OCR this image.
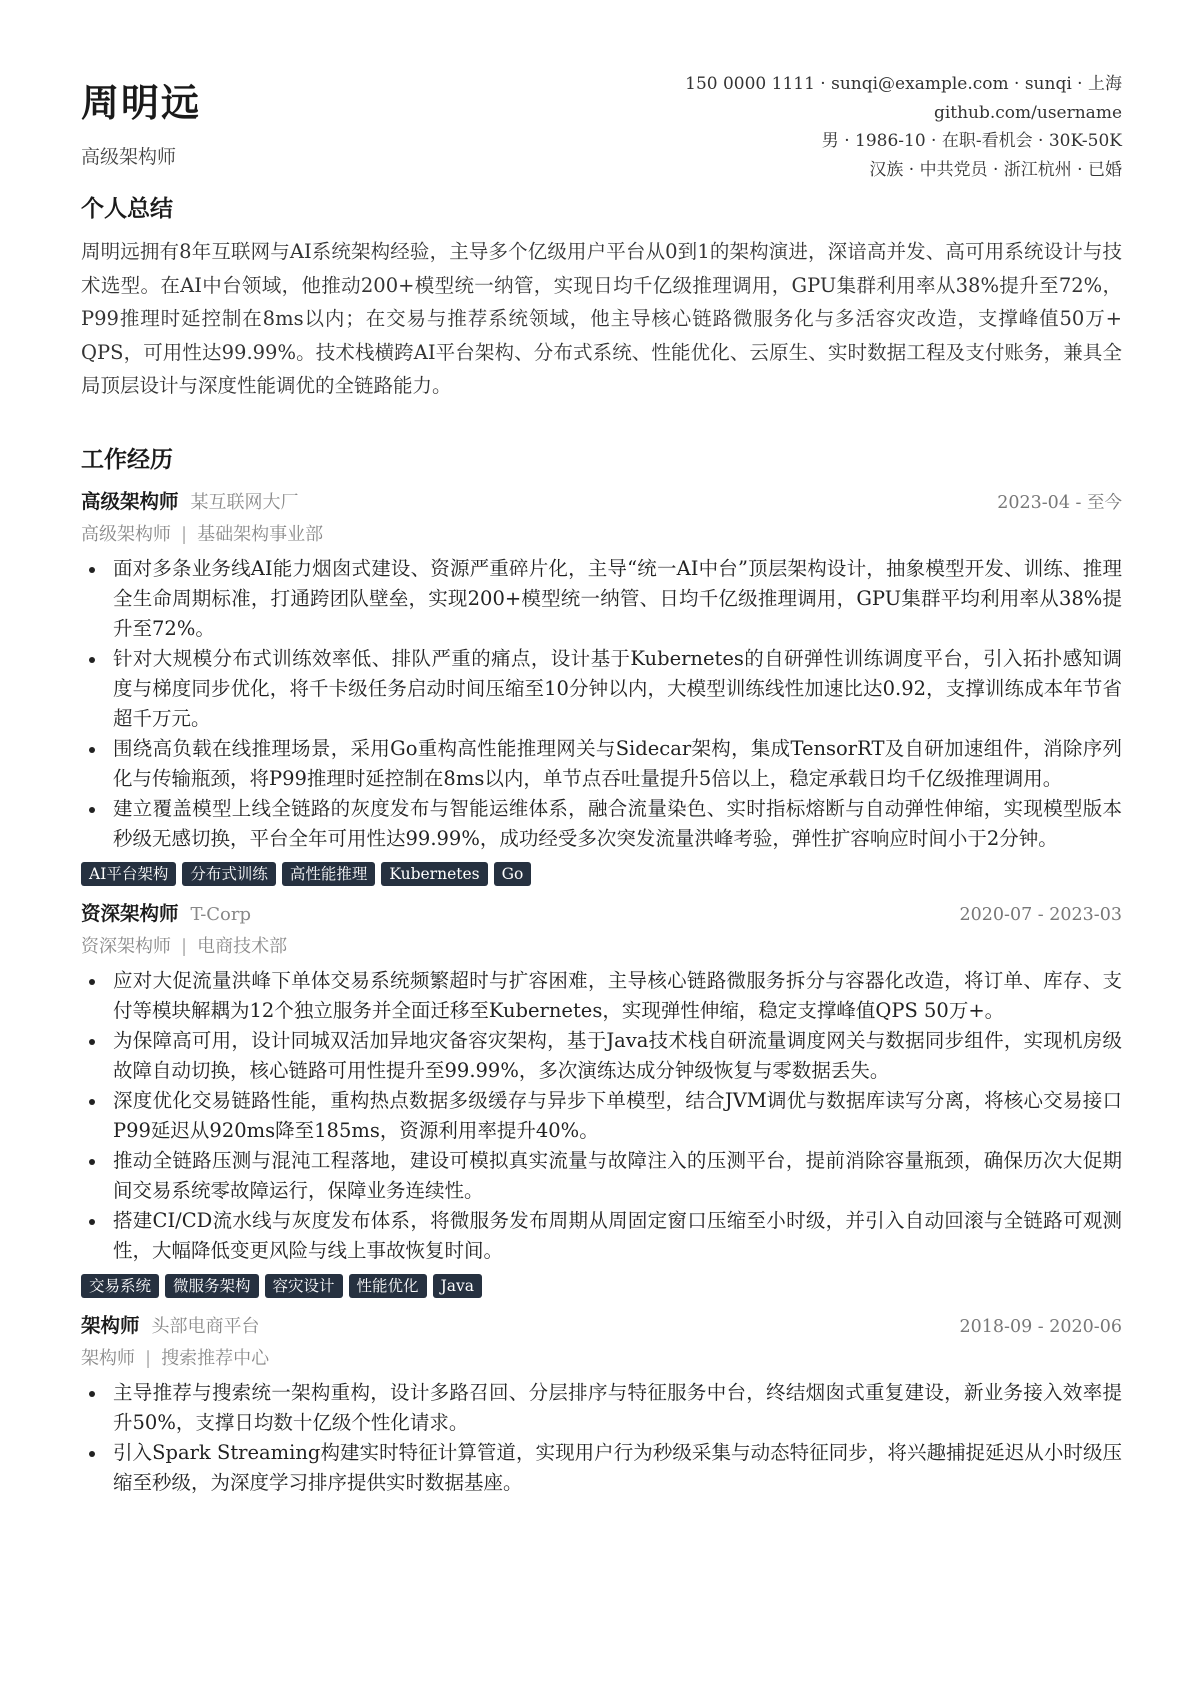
周明远
高级架构师
150 0000 1111 · sunqi@example.com · sunqi · 上海
github.com/username
男 · 1986-10 · 在职-看机会 · 30K-50K
汉族 · 中共党员 · 浙江杭州 · 已婚
个人总结

周明远拥有8年互联网与AI系统架构经验，主导多个亿级用户平台从0到1的架构演进，深谙高并发、高可用系统设计与技术选型。在AI中台领域，他推动200+模型统一纳管，实现日均千亿级推理调用，GPU集群利用率从38%提升至72%，P99推理时延控制在8ms以内；在交易与推荐系统领域，他主导核心链路微服务化与多活容灾改造，支撑峰值50万+ QPS，可用性达99.99%。技术栈横跨AI平台架构、分布式系统、性能优化、云原生、实时数据工程及支付账务，兼具全局顶层设计与深度性能调优的全链路能力。

工作经历
高级架构师 某互联网大厂	2023-04 - 至今
高级架构师 | 基础架构事业部
面对多条业务线AI能力烟囱式建设、资源严重碎片化，主导“统一AI中台”顶层架构设计，抽象模型开发、训练、推理全生命周期标准，打通跨团队壁垒，实现200+模型统一纳管、日均千亿级推理调用，GPU集群平均利用率从38%提升至72%。
针对大规模分布式训练效率低、排队严重的痛点，设计基于Kubernetes的自研弹性训练调度平台，引入拓扑感知调度与梯度同步优化，将千卡级任务启动时间压缩至10分钟以内，大模型训练线性加速比达0.92，支撑训练成本年节省超千万元。
围绕高负载在线推理场景，采用Go重构高性能推理网关与Sidecar架构，集成TensorRT及自研加速组件，消除序列化与传输瓶颈，将P99推理时延控制在8ms以内，单节点吞吐量提升5倍以上，稳定承载日均千亿级推理调用。
建立覆盖模型上线全链路的灰度发布与智能运维体系，融合流量染色、实时指标熔断与自动弹性伸缩，实现模型版本秒级无感切换，平台全年可用性达99.99%，成功经受多次突发流量洪峰考验，弹性扩容响应时间小于2分钟。
AI平台架构	分布式训练	高性能推理	Kubernetes	Go
资深架构师 T-Corp	2020-07 - 2023-03
资深架构师 | 电商技术部
应对大促流量洪峰下单体交易系统频繁超时与扩容困难，主导核心链路微服务拆分与容器化改造，将订单、库存、支付等模块解耦为12个独立服务并全面迁移至Kubernetes，实现弹性伸缩，稳定支撑峰值QPS 50万+。
为保障高可用，设计同城双活加异地灾备容灾架构，基于Java技术栈自研流量调度网关与数据同步组件，实现机房级故障自动切换，核心链路可用性提升至99.99%，多次演练达成分钟级恢复与零数据丢失。
深度优化交易链路性能，重构热点数据多级缓存与异步下单模型，结合JVM调优与数据库读写分离，将核心交易接口P99延迟从920ms降至185ms，资源利用率提升40%。
推动全链路压测与混沌工程落地，建设可模拟真实流量与故障注入的压测平台，提前消除容量瓶颈，确保历次大促期间交易系统零故障运行，保障业务连续性。
搭建CI/CD流水线与灰度发布体系，将微服务发布周期从周固定窗口压缩至小时级，并引入自动回滚与全链路可观测性，大幅降低变更风险与线上事故恢复时间。
交易系统	微服务架构	容灾设计	性能优化	Java
架构师 头部电商平台	2018-09 - 2020-06
架构师 | 搜索推荐中心
主导推荐与搜索统一架构重构，设计多路召回、分层排序与特征服务中台，终结烟囱式重复建设，新业务接入效率提升50%，支撑日均数十亿级个性化请求。
引入Spark Streaming构建实时特征计算管道，实现用户行为秒级采集与动态特征同步，将兴趣捕捉延迟从小时级压缩至秒级，为深度学习排序提供实时数据基座。
